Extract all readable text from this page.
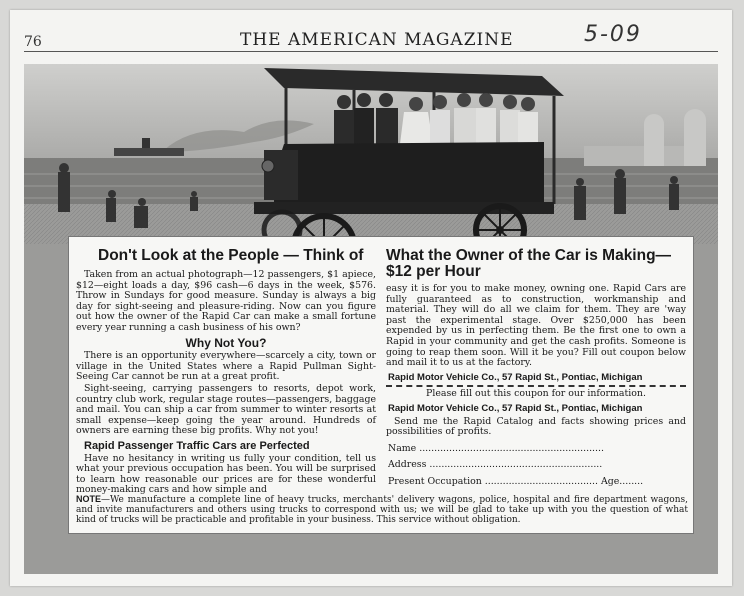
76	THE AMERICAN MAGAZINE	5-09
Don't Look at the People — Think of

Taken from an actual photograph—12 passengers, $1 apiece, $12—eight loads a day, $96 cash—6 days in the week, $576. Throw in Sundays for good measure. Sunday is always a big day for sight-seeing and pleasure-riding. Now can you figure out how the owner of the Rapid Car can make a small fortune every year running a cash business of his own?

Why Not You?

There is an opportunity everywhere—scarcely a city, town or village in the United States where a Rapid Pullman Sight-Seeing Car cannot be run at a great profit.

Sight-seeing, carrying passengers to resorts, depot work, country club work, regular stage routes—passengers, baggage and mail. You can ship a car from summer to winter resorts at small expense—keep going the year around. Hundreds of owners are earning these big profits. Why not you!

Rapid Passenger Traffic Cars are Perfected

Have no hesitancy in writing us fully your condition, tell us what your previous occupation has been. You will be surprised to learn how reasonable our prices are for these wonderful money-making cars and how simple and

What the Owner of the Car is Making—$12 per Hour

easy it is for you to make money, owning one. Rapid Cars are fully guaranteed as to construction, workmanship and material. They will do all we claim for them. They are 'way past the experimental stage. Over $250,000 has been expended by us in perfecting them. Be the first one to own a Rapid in your community and get the cash profits. Someone is going to reap them soon. Will it be you? Fill out coupon below and mail it to us at the factory.

Rapid Motor Vehicle Co., 57 Rapid St., Pontiac, Michigan

Please fill out this coupon for our information.

Rapid Motor Vehicle Co., 57 Rapid St., Pontiac, Michigan

Send me the Rapid Catalog and facts showing prices and possibilities of profits.

Name ..............................................................
Address ..........................................................
Present Occupation ...................................... Age........
NOTE—We manufacture a complete line of heavy trucks, merchants' delivery wagons, police, hospital and fire department wagons, and invite manufacturers and others using trucks to correspond with us; we will be glad to take up with you the question of what kind of trucks will be practicable and profitable in your business. This service without obligation.
